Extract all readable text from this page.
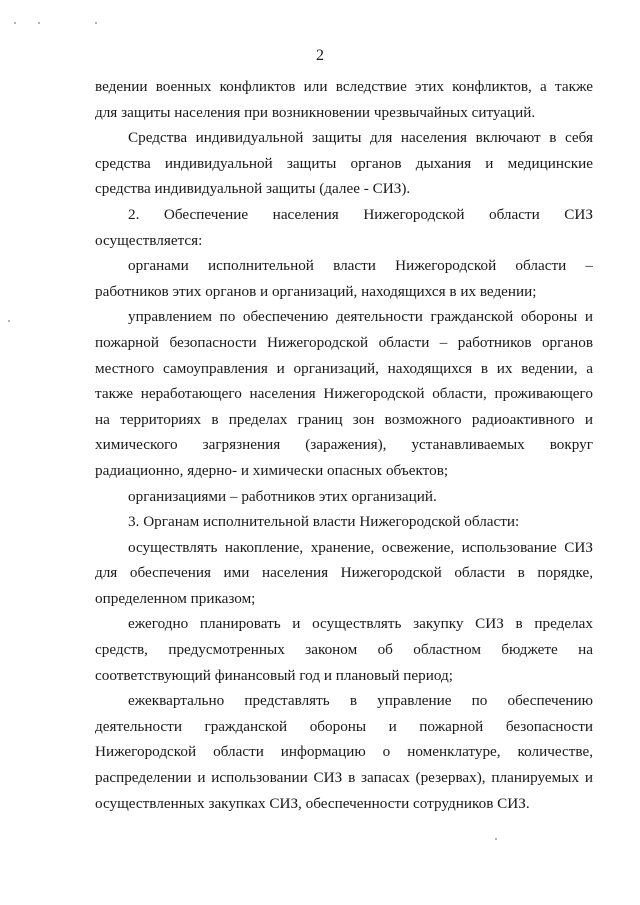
2
ведении военных конфликтов или вследствие этих конфликтов, а также
для защиты населения при возникновении чрезвычайных ситуаций.
Средства индивидуальной защиты для населения включают в себя
средства индивидуальной защиты органов дыхания и медицинские
средства индивидуальной защиты (далее - СИЗ).
2. Обеспечение населения Нижегородской области СИЗ
осуществляется:
органами исполнительной власти Нижегородской области –
работников этих органов и организаций, находящихся в их ведении;
управлением по обеспечению деятельности гражданской обороны и
пожарной безопасности Нижегородской области – работников органов
местного самоуправления и организаций, находящихся в их ведении, а
также неработающего населения Нижегородской области, проживающего
на территориях в пределах границ зон возможного радиоактивного и
химического загрязнения (заражения), устанавливаемых вокруг
радиационно, ядерно- и химически опасных объектов;
организациями – работников этих организаций.
3. Органам исполнительной власти Нижегородской области:
осуществлять накопление, хранение, освежение, использование СИЗ
для обеспечения ими населения Нижегородской области в порядке,
определенном приказом;
ежегодно планировать и осуществлять закупку СИЗ в пределах
средств, предусмотренных законом об областном бюджете на
соответствующий финансовый год и плановый период;
ежеквартально представлять в управление по обеспечению
деятельности гражданской обороны и пожарной безопасности
Нижегородской области информацию о номенклатуре, количестве,
распределении и использовании СИЗ в запасах (резервах), планируемых и
осуществленных закупках СИЗ, обеспеченности сотрудников СИЗ.
